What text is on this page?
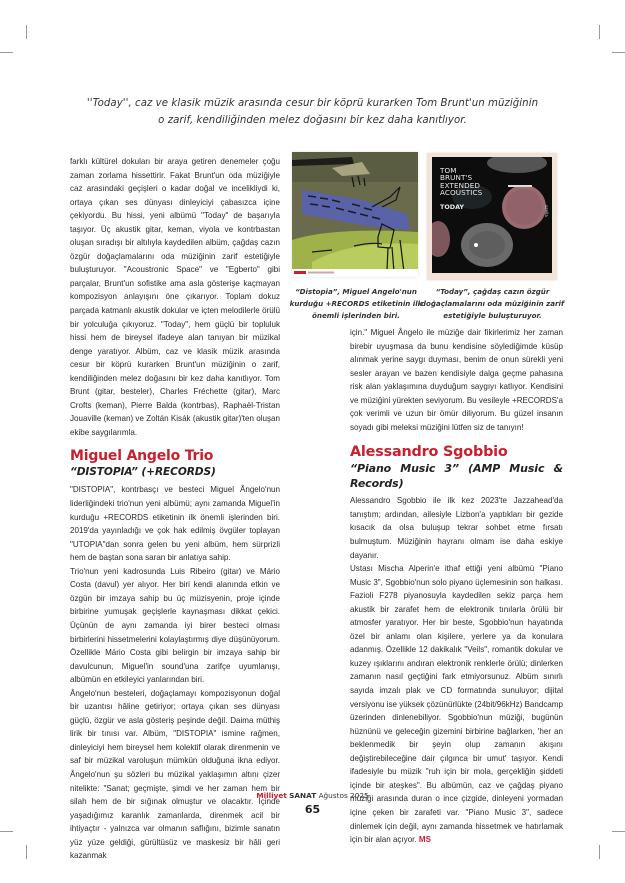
''Today'', caz ve klasik müzik arasında cesur bir köprü kurarken Tom Brunt'un müziğinin
o zarif, kendiliğinden melez doğasını bir kez daha kanıtlıyor.

farklı kültürel dokuları bir araya getiren denemeler çoğu zaman zorlama hissettirir. Fakat Brunt'un oda müziğiyle caz arasındaki geçişleri o kadar doğal ve incelikliydi ki, ortaya çıkan ses dünyası dinleyiciyi çabasızca içine çekiyordu. Bu hissi, yeni albümü "Today" de başarıyla taşıyor. Üç akustik gitar, keman, viyola ve kontrbastan oluşan sıradışı bir altılıyla kaydedilen albüm, çağdaş cazın özgür doğaçlamalarını oda müziğinin zarif estetiğiyle buluşturuyor. "Acoustronic Space" ve "Egberto" gibi parçalar, Brunt'un sofistike ama asla gösterişe kaçmayan kompozisyon anlayışını öne çıkarıyor. Toplam dokuz parçada katmanlı akustik dokular ve içten melodilerle örülü bir yolculuğa çıkıyoruz. "Today", hem güçlü bir topluluk hissi hem de bireysel ifadeye alan tanıyan bir müzikal denge yaratıyor. Albüm, caz ve klasik müzik arasında cesur bir köprü kurarken Brunt'un müziğinin o zarif, kendiliğinden melez doğasını bir kez daha kanıtlıyor. Tom Brunt (gitar, besteler), Charles Fréchette (gitar), Marc Crofts (keman), Pierre Balda (kontrbas), Raphaël-Tristan Jouaville (keman) ve Zoltán Kisák (akustik gitar)'ten oluşan ekibe saygılarımla.

Miguel Angelo Trio
“DISTOPIA” (+RECORDS)

"DISTOPIA", kontrbasçı ve besteci Miguel Ângelo'nun liderliğindeki trio'nun yeni albümü; aynı zamanda Miguel'in kurduğu +RECORDS etiketinin ilk önemli işlerinden biri. 2019'da yayınladığı ve çok hak edilmiş övgüler toplayan "UTOPIA"dan sonra gelen bu yeni albüm, hem sürprizli hem de baştan sona saran bir anlatıya sahip.

Trio'nun yeni kadrosunda Luis Ribeiro (gitar) ve Mário Costa (davul) yer alıyor. Her biri kendi alanında etkin ve özgün bir imzaya sahip bu üç müzisyenin, proje içinde birbirine yumuşak geçişlerle kaynaşması dikkat çekici. Üçünün de aynı zamanda iyi birer besteci olması birbirlerini hissetmelerini kolaylaştırmış diye düşünüyorum. Özellikle Mário Costa gibi belirgin bir imzaya sahip bir davulcunun, Miguel'in sound'una zarifçe uyumlanışı, albümün en etkileyici yanlarından biri.

Ângelo'nun besteleri, doğaçlamayı kompozisyonun doğal bir uzantısı hâline getiriyor; ortaya çıkan ses dünyası güçlü, özgür ve asla gösteriş peşinde değil. Daima müthiş lirik bir tınısı var. Albüm, "DISTOPIA" ismine rağmen, dinleyiciyi hem bireysel hem kolektif olarak direnmenin ve saf bir müzikal varoluşun mümkün olduğuna ikna ediyor. Ângelo'nun şu sözleri bu müzikal yaklaşımın altını çizer nitelikte: "Sanat; geçmişte, şimdi ve her zaman hem bir silah hem de bir sığınak olmuştur ve olacaktır. İçinde yaşadığımız karanlık zamanlarda, direnmek acil bir ihtiyaçtır - yalnızca var olmanın saflığını, bizimle sanatın yüz yüze geldiği, gürültüsüz ve maskesiz bir hâli geri kazanmak

TOM
BRUNT'S
EXTENDED
ACOUSTICS
TODAY	ozella
“Distopia”, Miguel Angelo'nun kurduğu +RECORDS etiketinin ilk önemli işlerinden biri.
“Today”, çağdaş cazın özgür doğaçlamalarını oda müziğinin zarif estetiğiyle buluşturuyor.

için." Miguel Ângelo ile müziğe dair fikirlerimiz her zaman birebir uyuşmasa da bunu kendisine söylediğimde küsüp alınmak yerine saygı duyması, benim de onun sürekli yeni sesler arayan ve bazen kendisiyle dalga geçme pahasına risk alan yaklaşımına duyduğum saygıyı katlıyor. Kendisini ve müziğini yürekten seviyorum. Bu vesileyle +RECORDS'a çok verimli ve uzun bir ömür diliyorum. Bu güzel insanın soyadı gibi meleksi müziğini lütfen siz de tanıyın!

Alessandro Sgobbio
“Piano Music 3” (AMP Music & Records)

Alessandro Sgobbio ile ilk kez 2023'te Jazzahead'da tanıştım; ardından, ailesiyle Lizbon'a yaptıkları bir gezide kısacık da olsa buluşup tekrar sohbet etme fırsatı bulmuştum. Müziğinin hayranı olmam ise daha eskiye dayanır.

Ustası Mischa Alperin'e ithaf ettiği yeni albümü "Piano Music 3", Sgobbio'nun solo piyano üçlemesinin son halkası. Fazioli F278 piyanosuyla kaydedilen sekiz parça hem akustik bir zarafet hem de elektronik tınılarla örülü bir atmosfer yaratıyor. Her bir beste, Sgobbio'nun hayatında özel bir anlamı olan kişilere, yerlere ya da konulara adanmış. Özellikle 12 dakikalık "Veils", romantik dokular ve kuzey ışıklarını andıran elektronik renklerle örülü; dinlerken zamanın nasıl geçtiğini fark etmiyorsunuz. Albüm sınırlı sayıda imzalı plak ve CD formatında sunuluyor; dijital versiyonu ise yüksek çözünürlükte (24bit/96kHz) Bandcamp üzerinden dinlenebiliyor. Sgobbio'nun müziği, bugünün hüznünü ve geleceğin gizemini birbirine bağlarken, 'her an beklenmedik bir şeyin olup zamanın akışını değiştirebileceğine dair çılgınca bir umut' taşıyor. Kendi ifadesiyle bu müzik "ruh için bir mola, gerçekliğin şiddeti içinde bir ateşkes". Bu albümün, caz ve çağdaş piyano müziği arasında duran o ince çizgide, dinleyeni yormadan içine çeken bir zarafeti var. "Piano Music 3", sadece dinlemek için değil, aynı zamanda hissetmek ve hatırlamak için bir alan açıyor. MS

Milliyet SANAT Ağustos 2025
65
